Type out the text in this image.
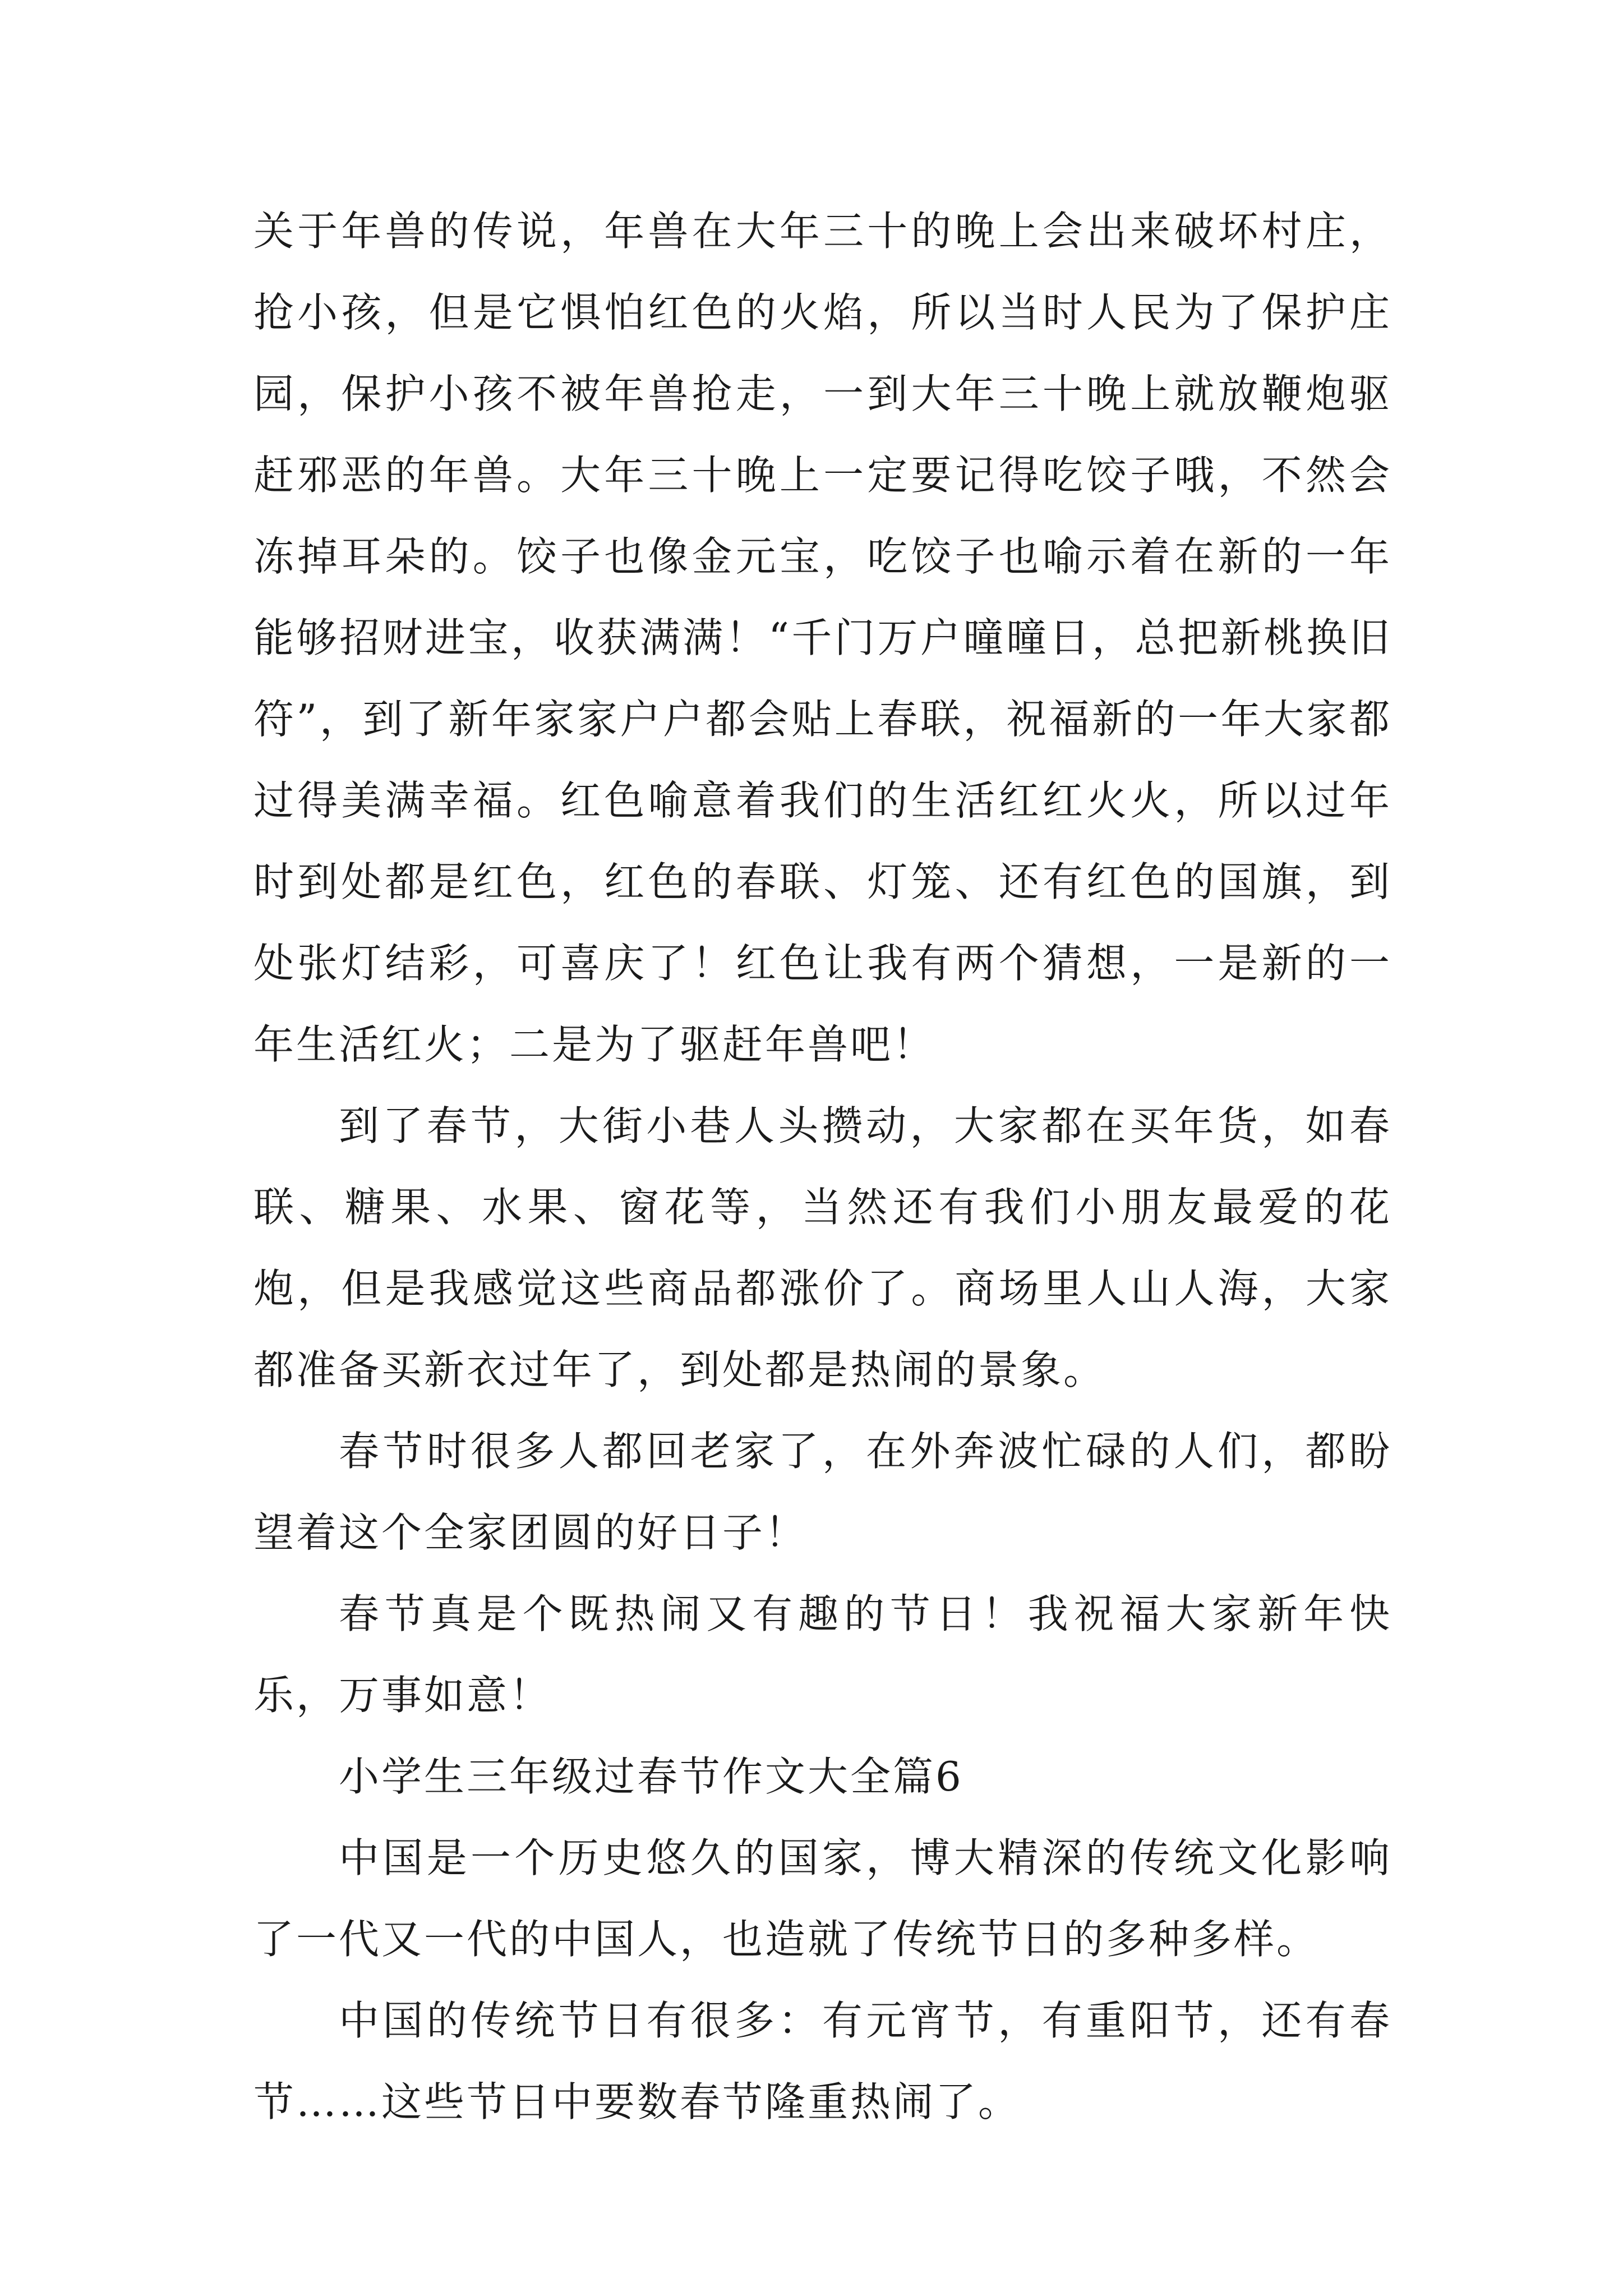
关于年兽的传说，年兽在大年三十的晚上会出来破坏村庄，抢小孩，但是它惧怕红色的火焰，所以当时人民为了保护庄园，保护小孩不被年兽抢走，一到大年三十晚上就放鞭炮驱赶邪恶的年兽。大年三十晚上一定要记得吃饺子哦，不然会冻掉耳朵的。饺子也像金元宝，吃饺子也喻示着在新的一年能够招财进宝，收获满满！“千门万户曈曈日，总把新桃换旧符”，到了新年家家户户都会贴上春联，祝福新的一年大家都过得美满幸福。红色喻意着我们的生活红红火火，所以过年时到处都是红色，红色的春联、灯笼、还有红色的国旗，到处张灯结彩，可喜庆了！红色让我有两个猜想，一是新的一年生活红火；二是为了驱赶年兽吧！

到了春节，大街小巷人头攒动，大家都在买年货，如春联、糖果、水果、窗花等，当然还有我们小朋友最爱的花炮，但是我感觉这些商品都涨价了。商场里人山人海，大家都准备买新衣过年了，到处都是热闹的景象。

春节时很多人都回老家了，在外奔波忙碌的人们，都盼望着这个全家团圆的好日子！

春节真是个既热闹又有趣的节日！我祝福大家新年快乐，万事如意！

小学生三年级过春节作文大全篇6

中国是一个历史悠久的国家，博大精深的传统文化影响了一代又一代的中国人，也造就了传统节日的多种多样。

中国的传统节日有很多：有元宵节，有重阳节，还有春节……这些节日中要数春节隆重热闹了。
